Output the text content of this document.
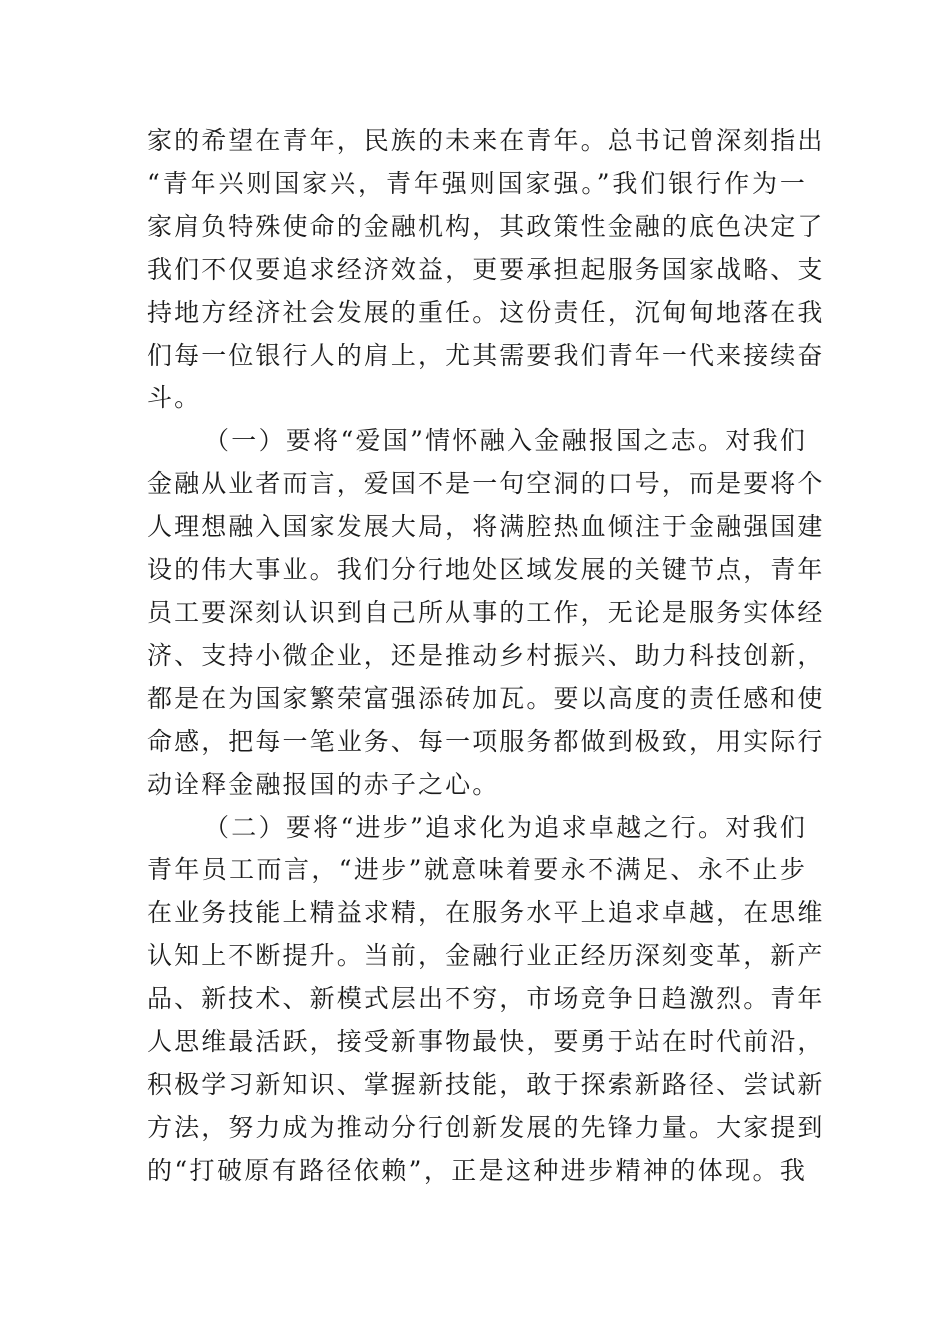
家的希望在青年，民族的未来在青年。总书记曾深刻指出
“青年兴则国家兴，青年强则国家强。”我们银行作为一
家肩负特殊使命的金融机构，其政策性金融的底色决定了
我们不仅要追求经济效益，更要承担起服务国家战略、支
持地方经济社会发展的重任。这份责任，沉甸甸地落在我
们每一位银行人的肩上，尤其需要我们青年一代来接续奋
斗。
（一）要将“爱国”情怀融入金融报国之志。对我们
金融从业者而言，爱国不是一句空洞的口号，而是要将个
人理想融入国家发展大局，将满腔热血倾注于金融强国建
设的伟大事业。我们分行地处区域发展的关键节点，青年
员工要深刻认识到自己所从事的工作，无论是服务实体经
济、支持小微企业，还是推动乡村振兴、助力科技创新，
都是在为国家繁荣富强添砖加瓦。要以高度的责任感和使
命感，把每一笔业务、每一项服务都做到极致，用实际行
动诠释金融报国的赤子之心。
（二）要将“进步”追求化为追求卓越之行。对我们
青年员工而言，“进步”就意味着要永不满足、永不止步
在业务技能上精益求精，在服务水平上追求卓越，在思维
认知上不断提升。当前，金融行业正经历深刻变革，新产
品、新技术、新模式层出不穷，市场竞争日趋激烈。青年
人思维最活跃，接受新事物最快，要勇于站在时代前沿，
积极学习新知识、掌握新技能，敢于探索新路径、尝试新
方法，努力成为推动分行创新发展的先锋力量。大家提到
的“打破原有路径依赖”，正是这种进步精神的体现。我
